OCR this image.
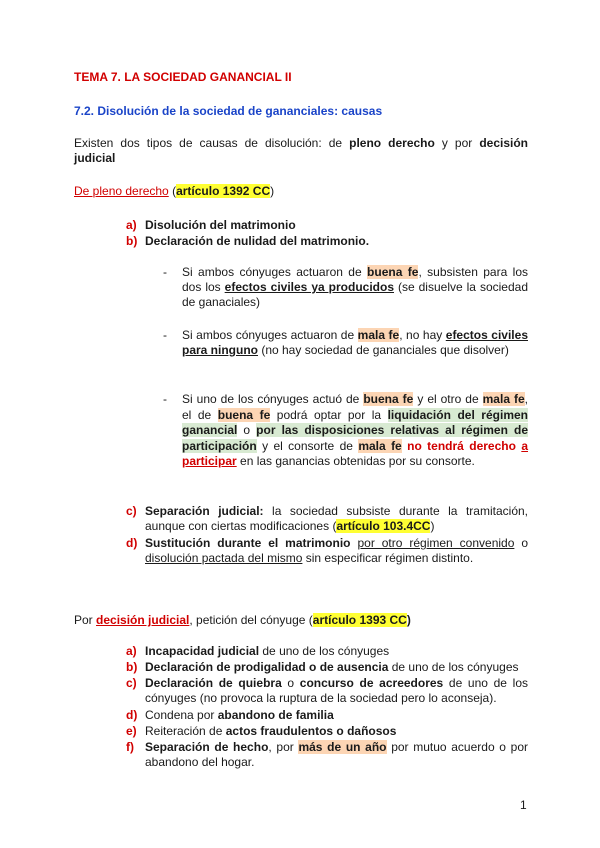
TEMA 7. LA SOCIEDAD GANANCIAL II
7.2. Disolución de la sociedad de gananciales: causas

Existen dos tipos de causas de disolución: de pleno derecho y por decisión judicial

De pleno derecho (artículo 1392 CC)
a) Disolución del matrimonio
b) Declaración de nulidad del matrimonio.
- Si ambos cónyuges actuaron de buena fe, subsisten para los dos los efectos civiles ya producidos (se disuelve la sociedad de ganaciales)

- Si ambos cónyuges actuaron de mala fe, no hay efectos civiles para ninguno (no hay sociedad de gananciales que disolver)

- Si uno de los cónyuges actuó de buena fe y el otro de mala fe, el de buena fe podrá optar por la liquidación del régimen ganancial o por las disposiciones relativas al régimen de participación y el consorte de mala fe no tendrá derecho a participar en las ganancias obtenidas por su consorte.

c) Separación judicial: la sociedad subsiste durante la tramitación, aunque con ciertas modificaciones (artículo 103.4CC)

d) Sustitución durante el matrimonio por otro régimen convenido o disolución pactada del mismo sin especificar régimen distinto.

Por decisión judicial, petición del cónyuge (artículo 1393 CC)
a) Incapacidad judicial de uno de los cónyuges

b) Declaración de prodigalidad o de ausencia de uno de los cónyuges

c) Declaración de quiebra o concurso de acreedores de uno de los cónyuges (no provoca la ruptura de la sociedad pero lo aconseja).

d) Condena por abandono de familia

e) Reiteración de actos fraudulentos o dañosos

f) Separación de hecho, por más de un año por mutuo acuerdo o por abandono del hogar.

1
